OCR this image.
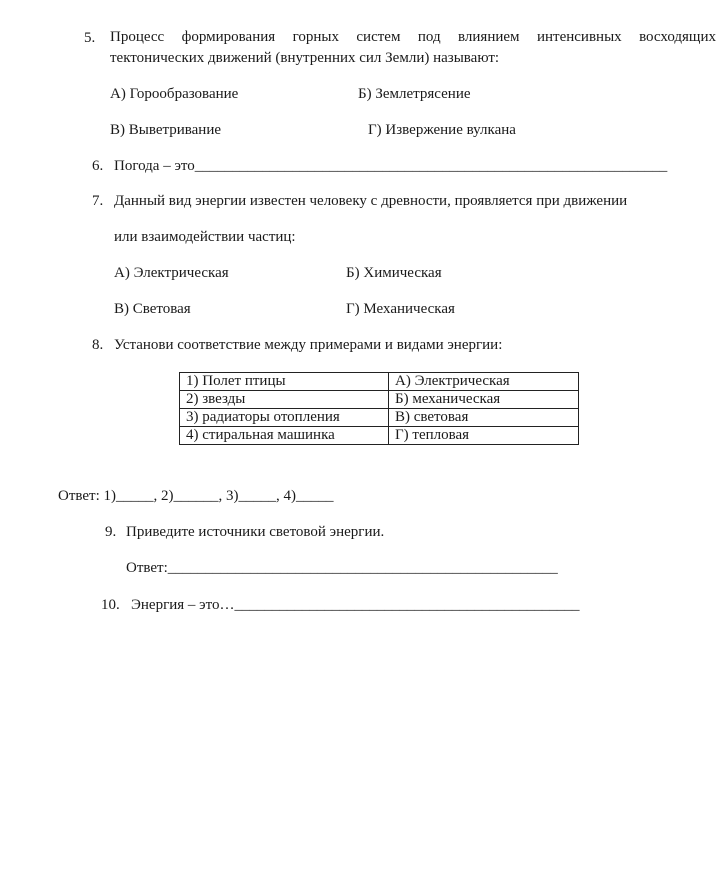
5. Процесс формирования горных систем под влиянием интенсивных восходящих тектонических движений (внутренних сил Земли) называют:
А) Горообразование	Б) Землетрясение
В) Выветривание	Г) Извержение вулкана
6. Погода – это_______________________________________________________________
7. Данный вид энергии известен человеку с древности, проявляется при движении
или взаимодействии частиц:
А) Электрическая	Б) Химическая
В) Световая	Г) Механическая
8. Установи соответствие между примерами и видами энергии:
1) Полет птицы	А) Электрическая
2) звезды	Б) механическая
3) радиаторы отопления	В) световая
4) стиральная машинка	Г) тепловая
Ответ: 1)_____, 2)______, 3)_____, 4)_____
9. Приведите источники световой энергии.
Ответ:____________________________________________________
10. Энергия – это…______________________________________________
